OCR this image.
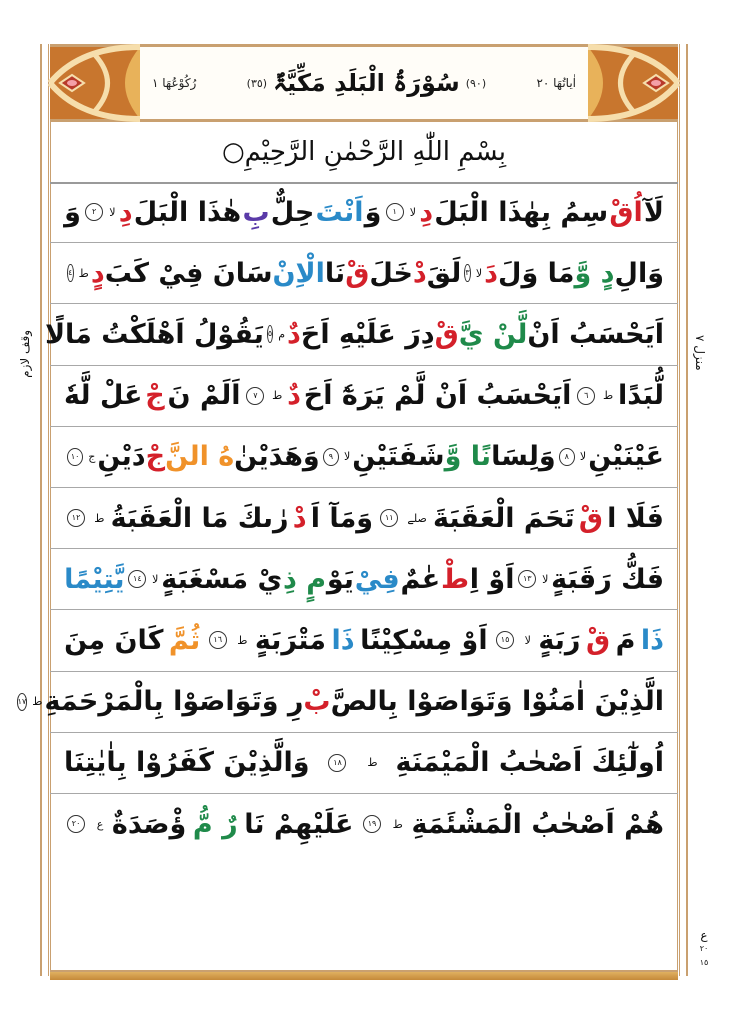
اٰیاتُھَا ٢٠
(٩٠)
سُوْرَۃُ الْبَلَدِ مَکِّیَّۃٌ
(٣٥)
رُکُوْعُھَا ١
بِسْمِ اللّٰهِ الرَّحْمٰنِ الرَّحِيْمِ○
لَآ
اُقْ
سِمُ بِهٰذَا الْبَلَ
دِ
لا
١
وَ
اَنْتَ
حِلٌّ
بِ
هٰذَا الْبَلَ
دِ
لا
٢
وَ
وَالِ
دٍ وَّ
مَا وَلَ
دَ
لا
٣
لَقَ
دْ
خَلَ
قْ
نَا
الْاِنْ
سَانَ فِيْ كَبَ
دٍ
ط
٤
اَيَحْسَبُ اَنْ
لَّنْ يَّ
قْ
دِرَ عَلَيْهِ اَحَ
دٌ
م
٥
يَقُوْلُ اَهْلَكْتُ مَالًا
لُّبَدًا
ط
٦
اَيَحْسَبُ اَنْ لَّمْ يَرَهٗٓ اَحَ
دٌ
ط
٧
اَلَمْ نَ
جْ
عَلْ لَّهٗ
عَيْنَيْنِ
لا
٨
وَلِسَا
نًا وَّ
شَفَتَيْنِ
لا
٩
وَهَدَيْنٰ
هُ النَّ
جْ
دَيْنِ
ج
١٠
فَلَا ا
قْ
تَحَمَ الْعَقَبَةَ
صلے
١١
وَمَآ اَ
دْ
رٰىكَ مَا الْعَقَبَةُ
ط
١٢
فَكُّ رَقَبَةٍ
لا
١٣
اَوْ اِ
طْ
عٰمٌ
فِيْ
يَوْ
مٍ ذِ
يْ مَسْغَبَةٍ
لا
١٤
يَّتِيْمًا
ذَا
مَ
قْ
رَبَةٍ
لا
١٥
اَوْ مِسْكِيْنًا
ذَا
مَتْرَبَةٍ
ط
١٦
ثُمَّ
كَانَ مِنَ
الَّذِيْنَ اٰمَنُوْا وَتَوَاصَوْا بِالصَّ
بْ
رِ وَتَوَاصَوْا بِالْمَرْحَمَةِ
ط
١٧
اُولٰٓئِكَ اَصْحٰبُ الْمَيْمَنَةِ
ط
١٨
وَالَّذِيْنَ كَفَرُوْا بِاٰيٰتِنَا
هُمْ اَصْحٰبُ الْمَشْئَمَةِ
ط
١٩
عَلَيْهِمْ نَا
رٌ مُّ
ؤْصَدَةٌ
ع
٢٠
وقف لازم	منزل ٧
ع
٢٠
١٥
